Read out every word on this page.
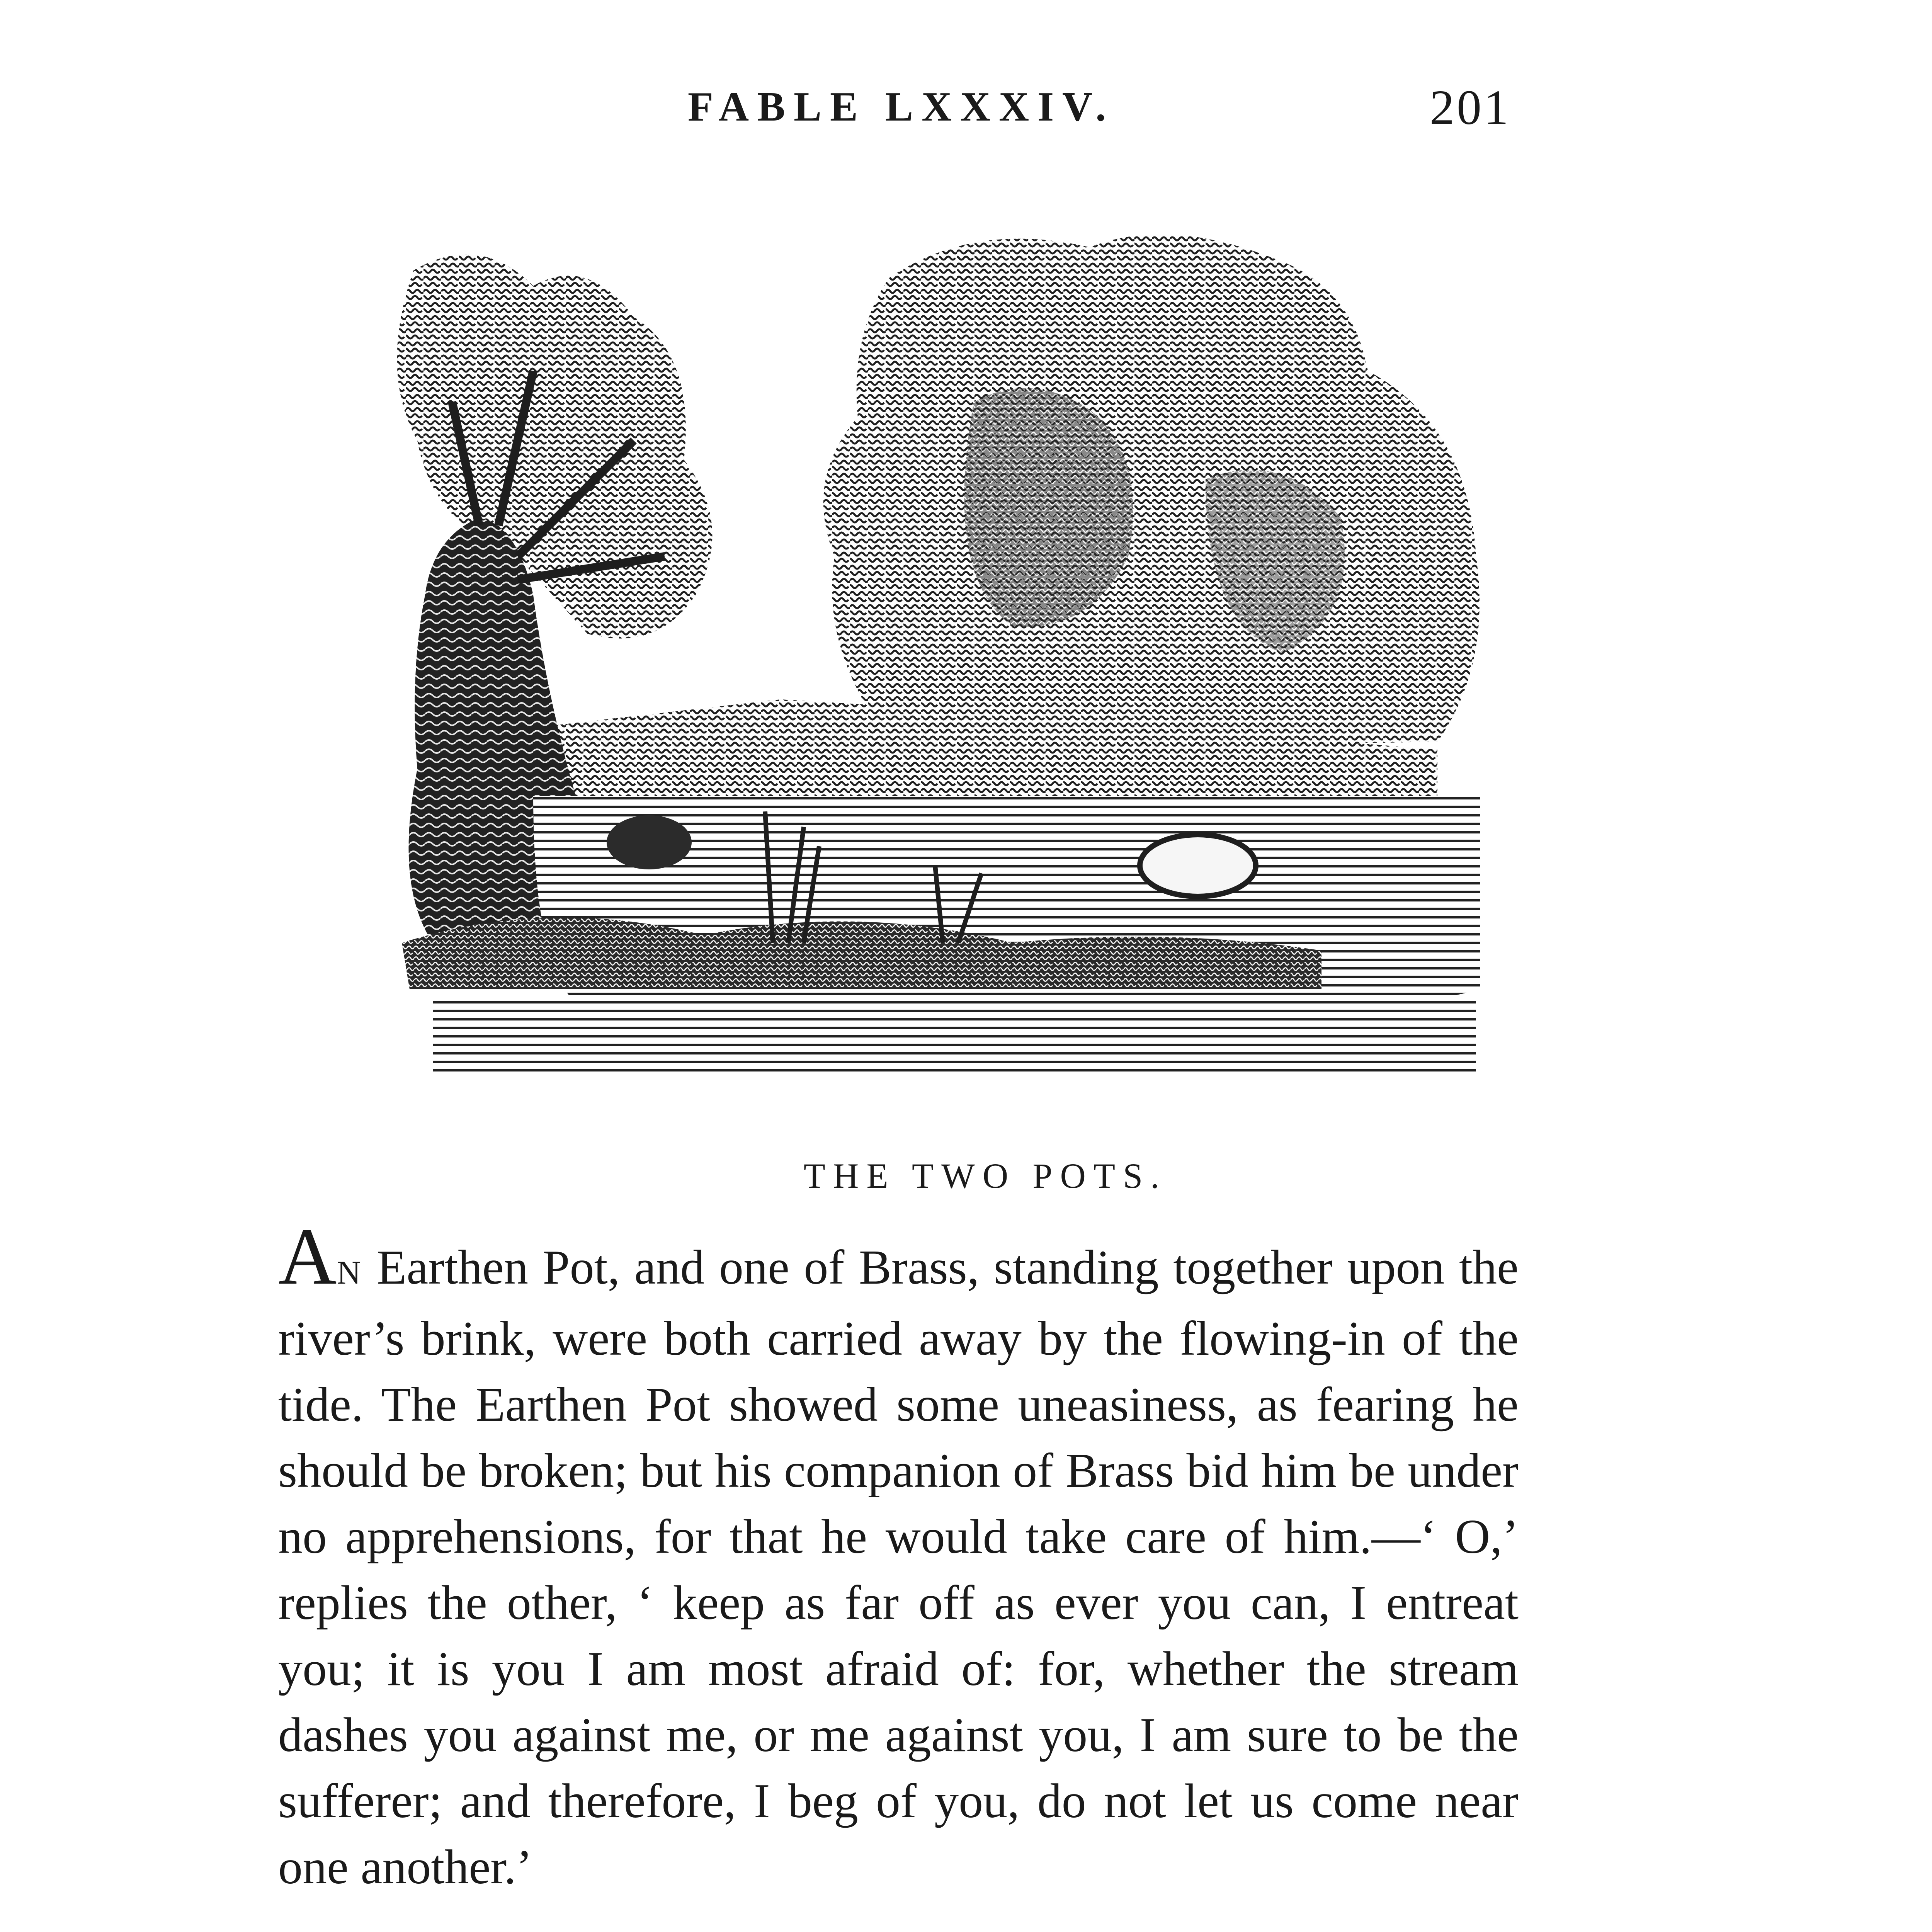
FABLE LXXXIV.	201
THE TWO POTS.
AN Earthen Pot, and one of Brass, standing together upon the river’s brink, were both carried away by the flowing-in of the tide. The Earthen Pot showed some uneasiness, as fearing he should be broken; but his companion of Brass bid him be under no apprehensions, for that he would take care of him.—‘ O,’ replies the other, ‘ keep as far off as ever you can, I entreat you; it is you I am most afraid of: for, whether the stream dashes you against me, or me against you, I am sure to be the sufferer; and therefore, I beg of you, do not let us come near one another.’
